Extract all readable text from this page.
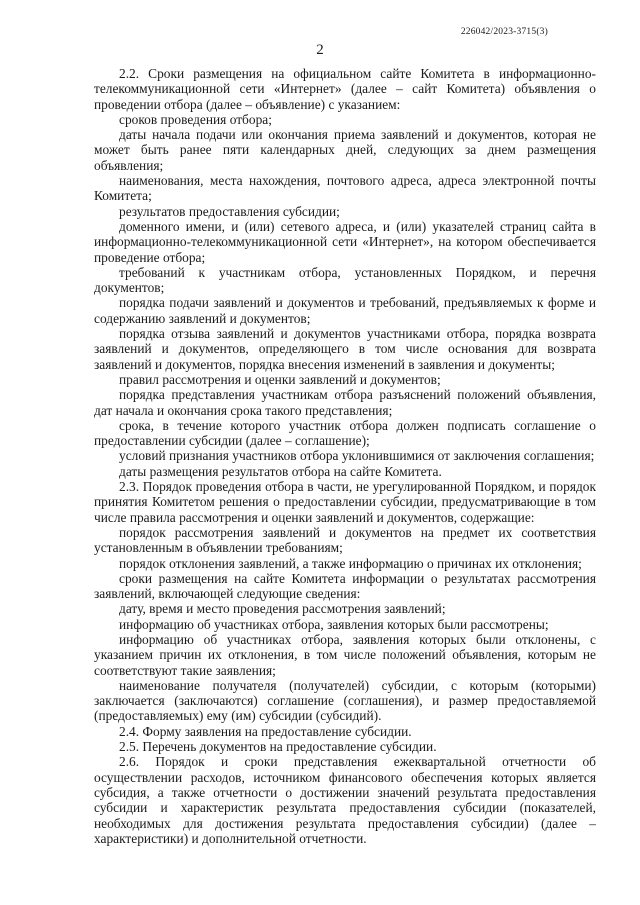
226042/2023-3715(3)
2

2.2. Сроки размещения на официальном сайте Комитета в информационно-телекоммуникационной сети «Интернет» (далее – сайт Комитета) объявления о проведении отбора (далее – объявление) с указанием:

сроков проведения отбора;

даты начала подачи или окончания приема заявлений и документов, которая не может быть ранее пяти календарных дней, следующих за днем размещения объявления;

наименования, места нахождения, почтового адреса, адреса электронной почты Комитета;

результатов предоставления субсидии;

доменного имени, и (или) сетевого адреса, и (или) указателей страниц сайта в информационно-телекоммуникационной сети «Интернет», на котором обеспечивается проведение отбора;

требований к участникам отбора, установленных Порядком, и перечня документов;

порядка подачи заявлений и документов и требований, предъявляемых к форме и содержанию заявлений и документов;

порядка отзыва заявлений и документов участниками отбора, порядка возврата заявлений и документов, определяющего в том числе основания для возврата заявлений и документов, порядка внесения изменений в заявления и документы;

правил рассмотрения и оценки заявлений и документов;

порядка представления участникам отбора разъяснений положений объявления, дат начала и окончания срока такого представления;

срока, в течение которого участник отбора должен подписать соглашение о предоставлении субсидии (далее – соглашение);

условий признания участников отбора уклонившимися от заключения соглашения;

даты размещения результатов отбора на сайте Комитета.

2.3. Порядок проведения отбора в части, не урегулированной Порядком, и порядок принятия Комитетом решения о предоставлении субсидии, предусматривающие в том числе правила рассмотрения и оценки заявлений и документов, содержащие:

порядок рассмотрения заявлений и документов на предмет их соответствия установленным в объявлении требованиям;

порядок отклонения заявлений, а также информацию о причинах их отклонения;

сроки размещения на сайте Комитета информации о результатах рассмотрения заявлений, включающей следующие сведения:

дату, время и место проведения рассмотрения заявлений;

информацию об участниках отбора, заявления которых были рассмотрены;

информацию об участниках отбора, заявления которых были отклонены, с указанием причин их отклонения, в том числе положений объявления, которым не соответствуют такие заявления;

наименование получателя (получателей) субсидии, с которым (которыми) заключается (заключаются) соглашение (соглашения), и размер предоставляемой (предоставляемых) ему (им) субсидии (субсидий).

2.4. Форму заявления на предоставление субсидии.

2.5. Перечень документов на предоставление субсидии.

2.6. Порядок и сроки представления ежеквартальной отчетности об осуществлении расходов, источником финансового обеспечения которых является субсидия, а также отчетности о достижении значений результата предоставления субсидии и характеристик результата предоставления субсидии (показателей, необходимых для достижения результата предоставления субсидии) (далее – характеристики) и дополнительной отчетности.
